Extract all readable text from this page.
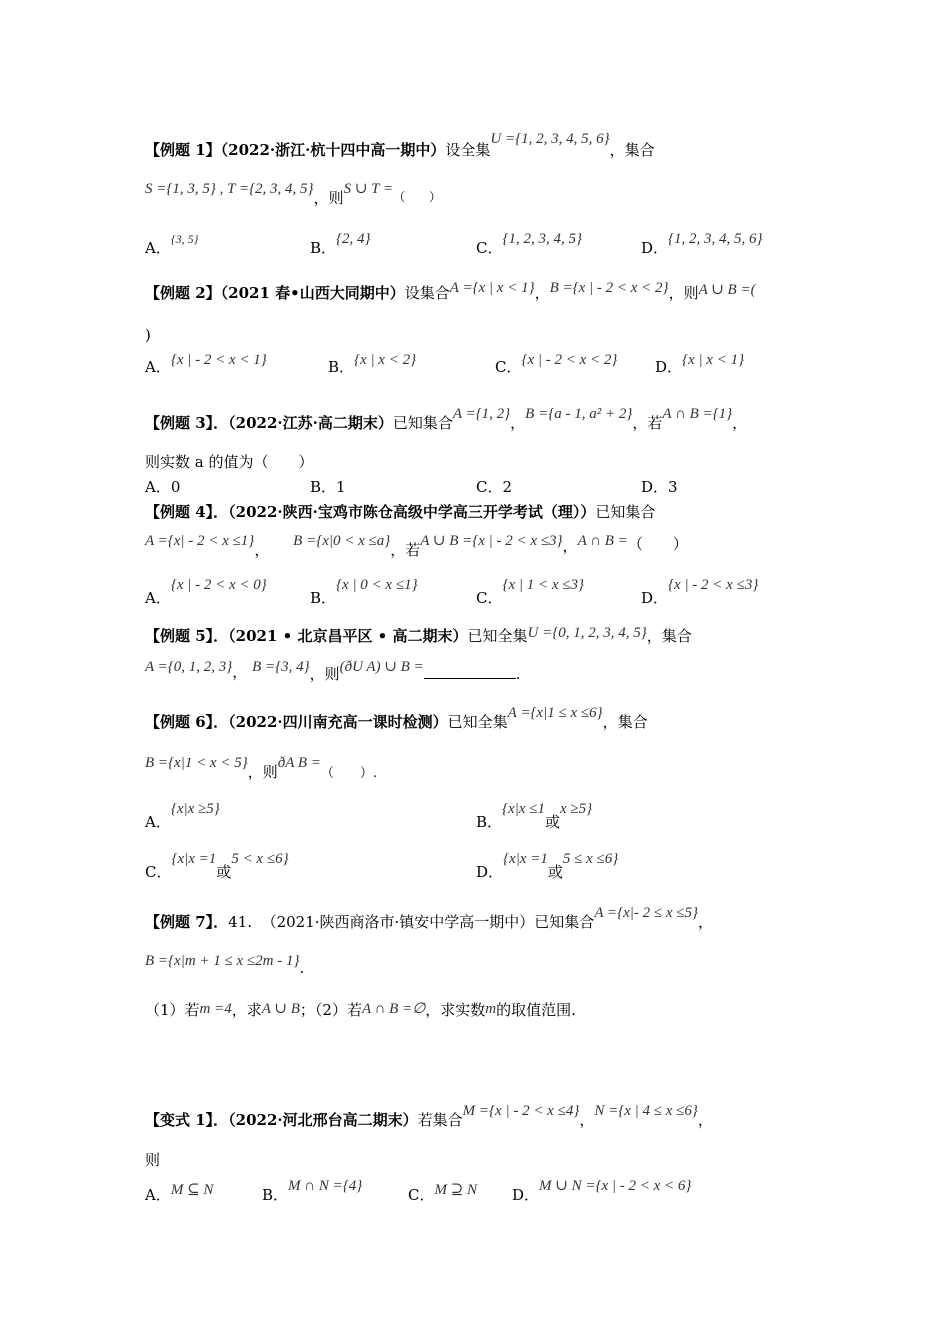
【例题 1】（2022·浙江·杭十四中高一期中）设全集U ={1, 2, 3, 4, 5, 6}，集合
S ={1, 3, 5} , T ={2, 3, 4, 5}，则S ∪ $T =_{( )}$
A．$^{\{3, 5\}}$	B．{2, 4}	C．{1, 2, 3, 4, 5}	D．{1, 2, 3, 4, 5, 6}
【例题 2】（2021 春•山西大同期中）设集合A ={x | x < 1}，B ={x | - 2 < x < 2}，则A ∪ B =(
)
A．{x | - 2 < x < 1}	B．{x | x < 2}	C．{x | - 2 < x < 2}	D．{x | x < 1}
【例题 3】．（2022·江苏·高二期末）已知集合A ={1, 2}，B ={a - 1, a² + 2}，若A ∩ B ={1}，
则实数 a 的值为（　　）
A．0	B．1	C．2	D．3
【例题 4】．（2022·陕西·宝鸡市陈仓高级中学高三开学考试（理））已知集合
A ={x| - 2 < x ≤1}， B ={x|0 < x ≤a}，若A ∪ B ={x | - 2 < x ≤3}，A ∩ B =（　　）
A．{x | - 2 < x < 0}
B．{x | 0 < x ≤1}
C．{x | 1 < x ≤3}
D．{x | - 2 < x ≤3}
【例题 5】．（2021 • 北京昌平区 • 高二期末）已知全集U ={0, 1, 2, 3, 4, 5}，集合
A ={0, 1, 2, 3}， B ={3, 4}，则(ðU A) ∪ B =	.
【例题 6】．（2022·四川南充高一课时检测）已知全集A ={x|1 ≤ x ≤6}，集合
B ={x|1 < x < 5}，则ðA B =（　　）.
A．{x|x ≥5}
B．{x|x ≤1或x ≥5}
C．{x|x =1或5 < x ≤6}
D．{x|x =1或5 ≤ x ≤6}
【例题 7】．41. （2021·陕西商洛市·镇安中学高一期中）已知集合A ={x|- 2 ≤ x ≤5}，
B ={x|m + 1 ≤ x ≤2m - 1}.
（1）若m =4，求A ∪ B；（2）若A ∩ B =∅，求实数m的取值范围.
【变式 1】．（2022·河北邢台高二期末）若集合M ={x | - 2 < x ≤4}，N ={x | 4 ≤ x ≤6}，
则
A．M ⊆ N	B．M ∩ N ={4}	C．M ⊇ N D．M ∪ N ={x | - 2 < x < 6}
